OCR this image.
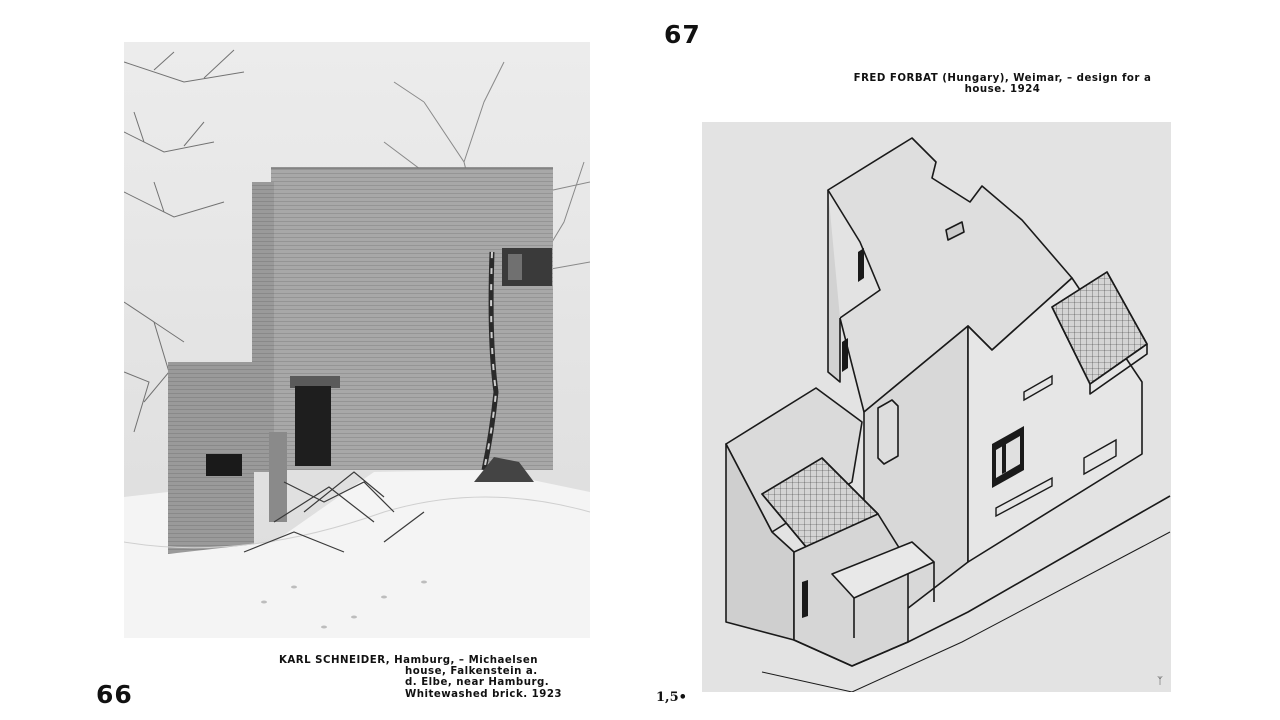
66
67
ᛉ
KARL SCHNEIDER, Hamburg, – Michaelsen
house, Falkenstein a.
d. Elbe, near Hamburg.
Whitewashed brick. 1923
FRED FORBAT (Hungary), Weimar, – design for a
house. 1924
1,5•
